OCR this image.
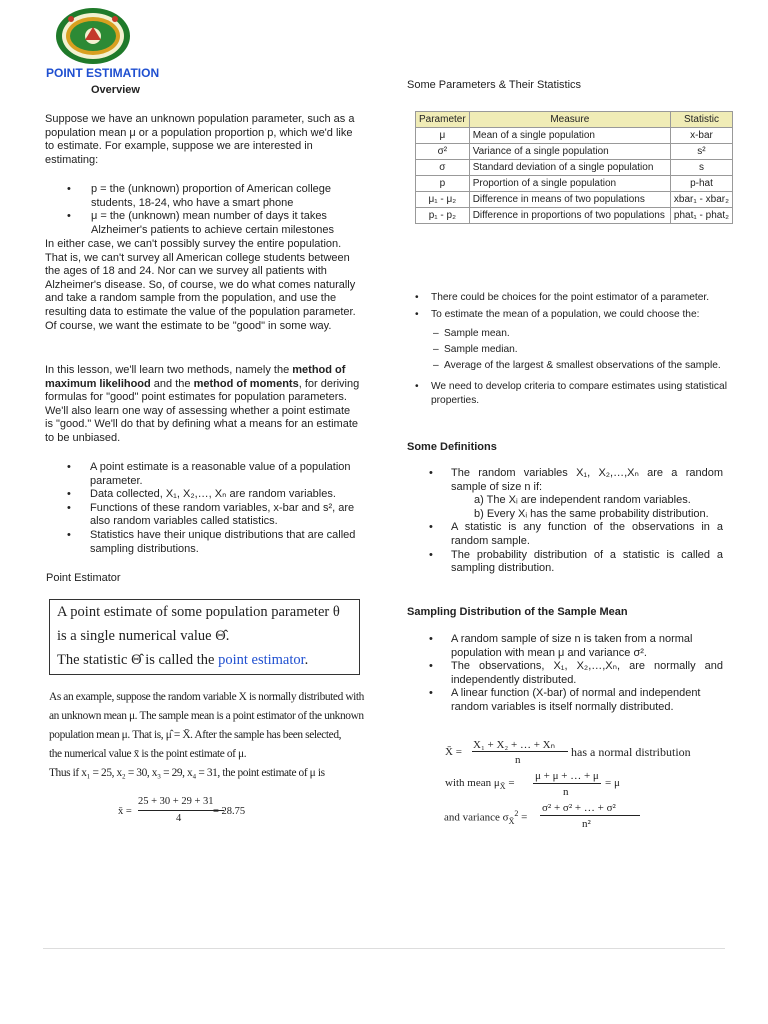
POINT ESTIMATION
Overview
Suppose we have an unknown population parameter, such as a population mean μ or a population proportion p, which we'd like to estimate. For example, suppose we are interested in estimating:
• p = the (unknown) proportion of American college students, 18-24, who have a smart phone
• μ = the (unknown) mean number of days it takes Alzheimer's patients to achieve certain milestones
In either case, we can't possibly survey the entire population. That is, we can't survey all American college students between the ages of 18 and 24. Nor can we survey all patients with Alzheimer's disease. So, of course, we do what comes naturally and take a random sample from the population, and use the resulting data to estimate the value of the population parameter. Of course, we want the estimate to be "good" in some way.
In this lesson, we'll learn two methods, namely the method of maximum likelihood and the method of moments, for deriving formulas for "good" point estimates for population parameters. We'll also learn one way of assessing whether a point estimate is "good." We'll do that by defining what a means for an estimate to be unbiased.
• A point estimate is a reasonable value of a population parameter.
• Data collected, X₁, X₂,…, Xₙ are random variables.
• Functions of these random variables, x-bar and s², are also random variables called statistics.
• Statistics have their unique distributions that are called sampling distributions.
Point Estimator
A point estimate of some population parameter θ
is a single numerical value Θ̂.
The statistic Θ̂ is called the point estimator.
As an example, suppose the random variable X is normally distributed with
an unknown mean μ. The sample mean is a point estimator of the unknown
population mean μ. That is, μ̂ = X̄. After the sample has been selected,
the numerical value x̄ is the point estimate of μ.
Thus if x₁ = 25, x₂ = 30, x₃ = 29, x₄ = 31, the point estimate of μ is
x̄ =
25 + 30 + 29 + 31
4
= 28.75
Some Parameters & Their Statistics
Parameter	Measure	Statistic
μ	Mean of a single population	x-bar
σ²	Variance of a single population	s²
σ	Standard deviation of a single population	s
p	Proportion of a single population	p-hat
μ₁ - μ₂	Difference in means of two populations	xbar₁ - xbar₂
p₁ - p₂	Difference in proportions of two populations	phat₁ - phat₂
• There could be choices for the point estimator of a parameter.
• To estimate the mean of a population, we could choose the:
– Sample mean.
– Sample median.
– Average of the largest & smallest observations of the sample.
• We need to develop criteria to compare estimates using statistical properties.
Some Definitions
• The random variables X₁, X₂,…,Xₙ are a random sample of size n if:
a) The Xᵢ are independent random variables.
b) Every Xᵢ has the same probability distribution.
• A statistic is any function of the observations in a random sample.
• The probability distribution of a statistic is called a sampling distribution.
Sampling Distribution of the Sample Mean
• A random sample of size n is taken from a normal population with mean μ and variance σ².
• The observations, X₁, X₂,…,Xₙ, are normally and independently distributed.
• A linear function (X-bar) of normal and independent random variables is itself normally distributed.
X̄ =
X₁ + X₂ + … + Xₙ
n
has a normal distribution
with mean $\mu_{X̄}$ =
μ + μ + … + μ
n
= μ
and variance $\sigma_{X̄}^2$ =
σ² + σ² + … + σ²
n²
